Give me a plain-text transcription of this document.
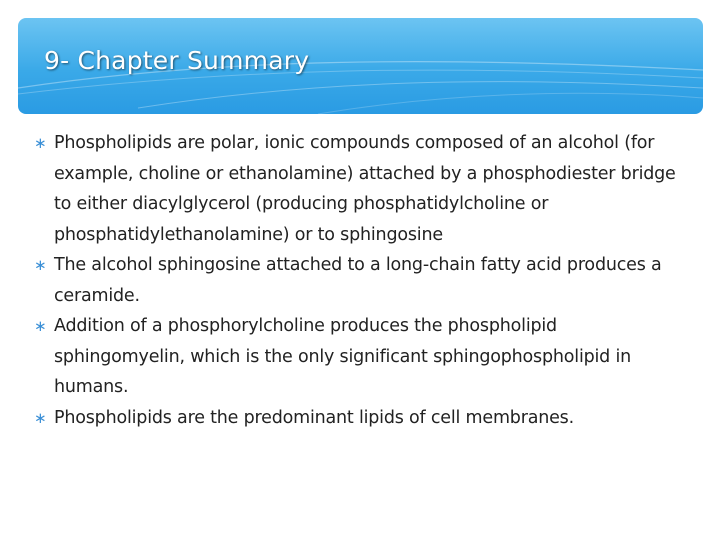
9- Chapter Summary
∗ Phospholipids are polar, ionic compounds composed of an alcohol (for example, choline or ethanolamine) attached by a phosphodiester bridge to either diacylglycerol (producing phosphatidylcholine or phosphatidylethanolamine) or to sphingosine
∗ The alcohol sphingosine attached to a long-chain fatty acid produces a ceramide.
∗ Addition of a phosphorylcholine produces the phospholipid sphingomyelin, which is the only significant sphingophospholipid in humans.
∗ Phospholipids are the predominant lipids of cell membranes.
